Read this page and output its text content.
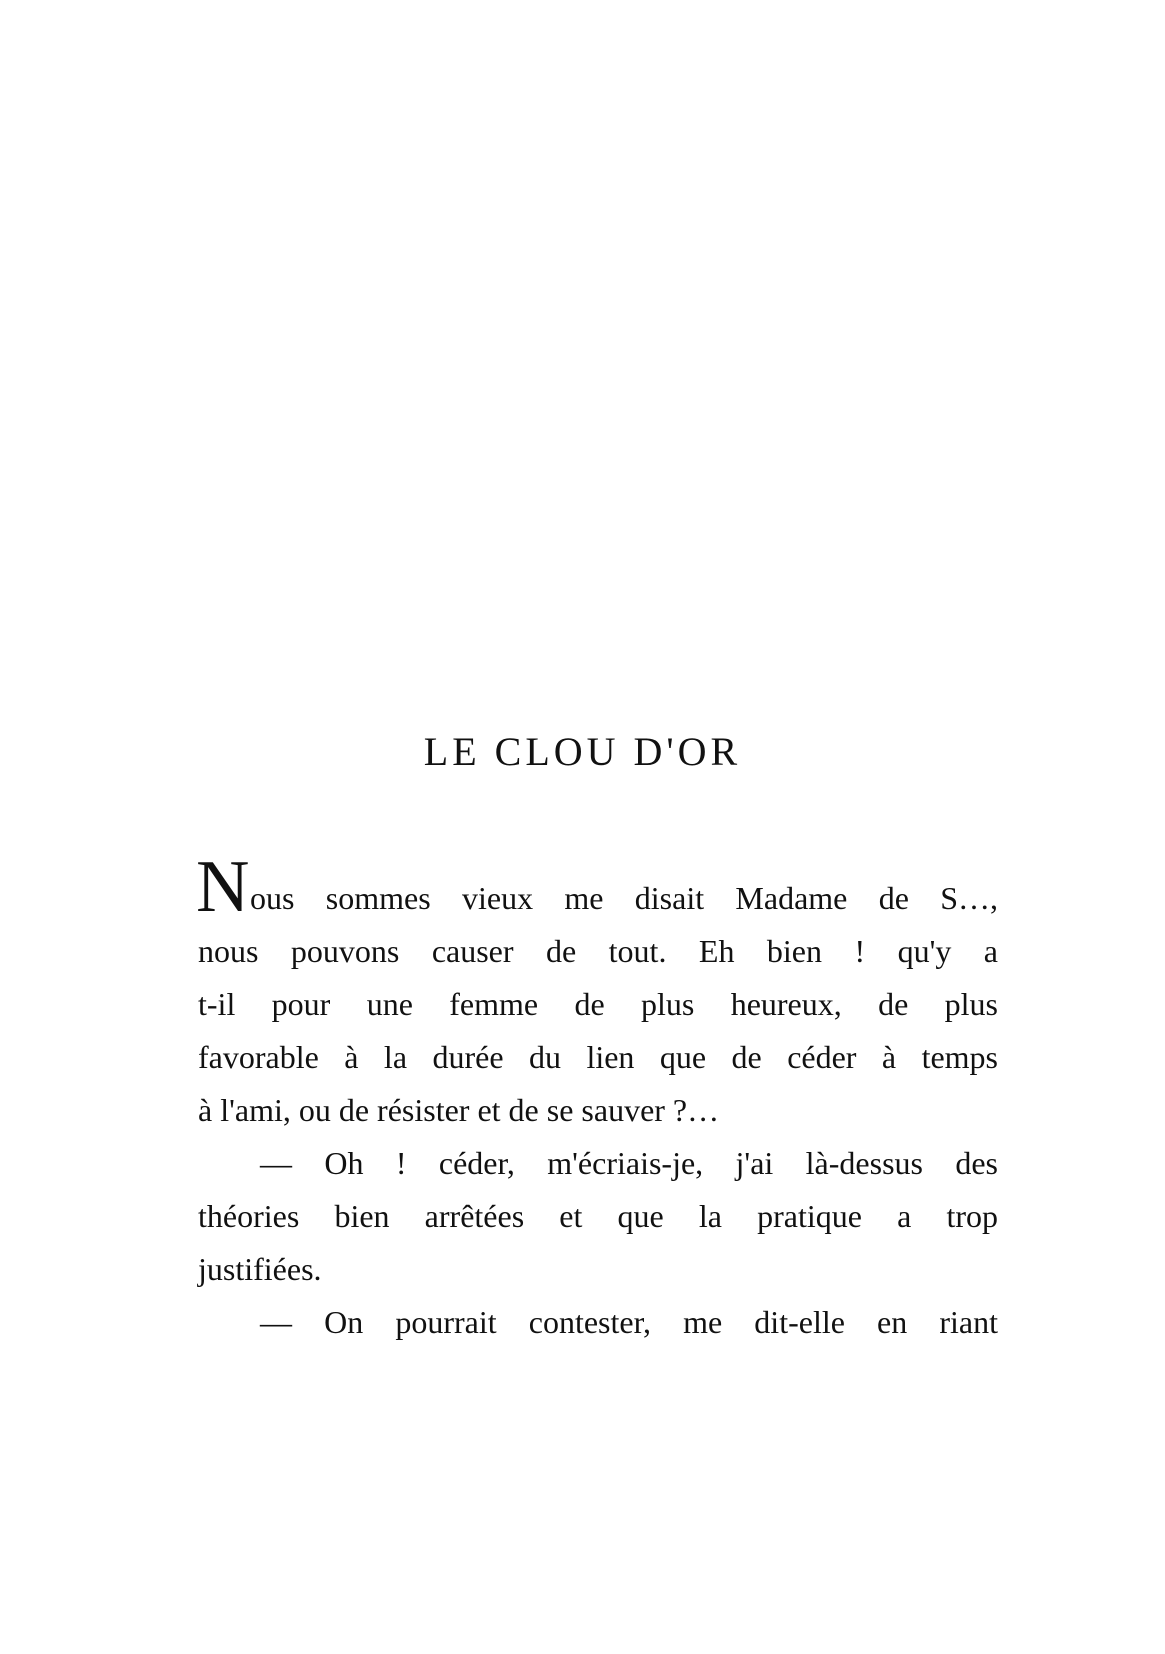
LE CLOU D'OR
N ous sommes vieux me disait Madame de S…,
nous pouvons causer de tout. Eh bien ! qu'y a
t-il pour une femme de plus heureux, de plus
favorable à la durée du lien que de céder à temps
à l'ami, ou de résister et de se sauver ?…
— Oh ! céder, m'écriais-je, j'ai là-dessus des
théories bien arrêtées et que la pratique a trop
justifiées.
— On pourrait contester, me dit-elle en riant
